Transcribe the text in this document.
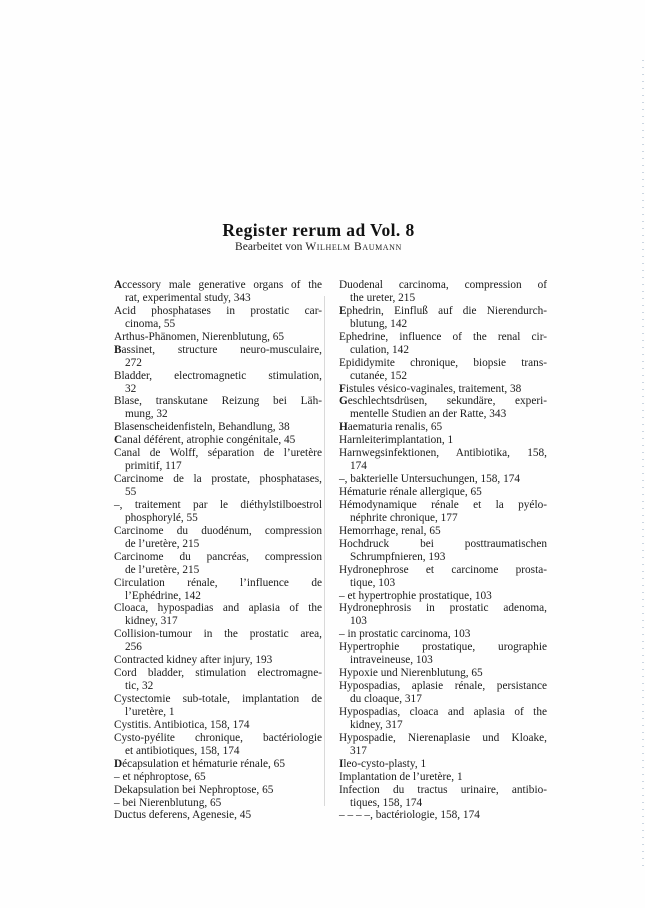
Register rerum ad Vol. 8
Bearbeitet von Wilhelm Baumann
Accessory male generative organs of the
rat, experimental study, 343
Acid phosphatases in prostatic car-
cinoma, 55
Arthus-Phänomen, Nierenblutung, 65
Bassinet, structure neuro-musculaire,
272
Bladder, electromagnetic stimulation,
32
Blase, transkutane Reizung bei Läh-
mung, 32
Blasenscheidenfisteln, Behandlung, 38
Canal déférent, atrophie congénitale, 45
Canal de Wolff, séparation de l’uretère
primitif, 117
Carcinome de la prostate, phosphatases,
55
–, traitement par le diéthylstilboestrol
phosphorylé, 55
Carcinome du duodénum, compression
de l’uretère, 215
Carcinome du pancréas, compression
de l’uretère, 215
Circulation rénale, l’influence de
l’Ephédrine, 142
Cloaca, hypospadias and aplasia of the
kidney, 317
Collision-tumour in the prostatic area,
256
Contracted kidney after injury, 193
Cord bladder, stimulation electromagne-
tic, 32
Cystectomie sub-totale, implantation de
l’uretère, 1
Cystitis. Antibiotica, 158, 174
Cysto-pyélite chronique, bactériologie
et antibiotiques, 158, 174
Décapsulation et hématurie rénale, 65
– et néphroptose, 65
Dekapsulation bei Nephroptose, 65
– bei Nierenblutung, 65
Ductus deferens, Agenesie, 45
Duodenal carcinoma, compression of
the ureter, 215
Ephedrin, Einfluß auf die Nierendurch-
blutung, 142
Ephedrine, influence of the renal cir-
culation, 142
Epididymite chronique, biopsie trans-
cutanée, 152
Fistules vésico-vaginales, traitement, 38
Geschlechtsdrüsen, sekundäre, experi-
mentelle Studien an der Ratte, 343
Haematuria renalis, 65
Harnleiterimplantation, 1
Harnwegsinfektionen, Antibiotika, 158,
174
–, bakterielle Untersuchungen, 158, 174
Hématurie rénale allergique, 65
Hémodynamique rénale et la pyélo-
néphrite chronique, 177
Hemorrhage, renal, 65
Hochdruck bei posttraumatischen
Schrumpfnieren, 193
Hydronephrose et carcinome prosta-
tique, 103
– et hypertrophie prostatique, 103
Hydronephrosis in prostatic adenoma,
103
– in prostatic carcinoma, 103
Hypertrophie prostatique, urographie
intraveineuse, 103
Hypoxie und Nierenblutung, 65
Hypospadias, aplasie rénale, persistance
du cloaque, 317
Hypospadias, cloaca and aplasia of the
kidney, 317
Hypospadie, Nierenaplasie und Kloake,
317
Ileo-cysto-plasty, 1
Implantation de l’uretère, 1
Infection du tractus urinaire, antibio-
tiques, 158, 174
– – – –, bactériologie, 158, 174
